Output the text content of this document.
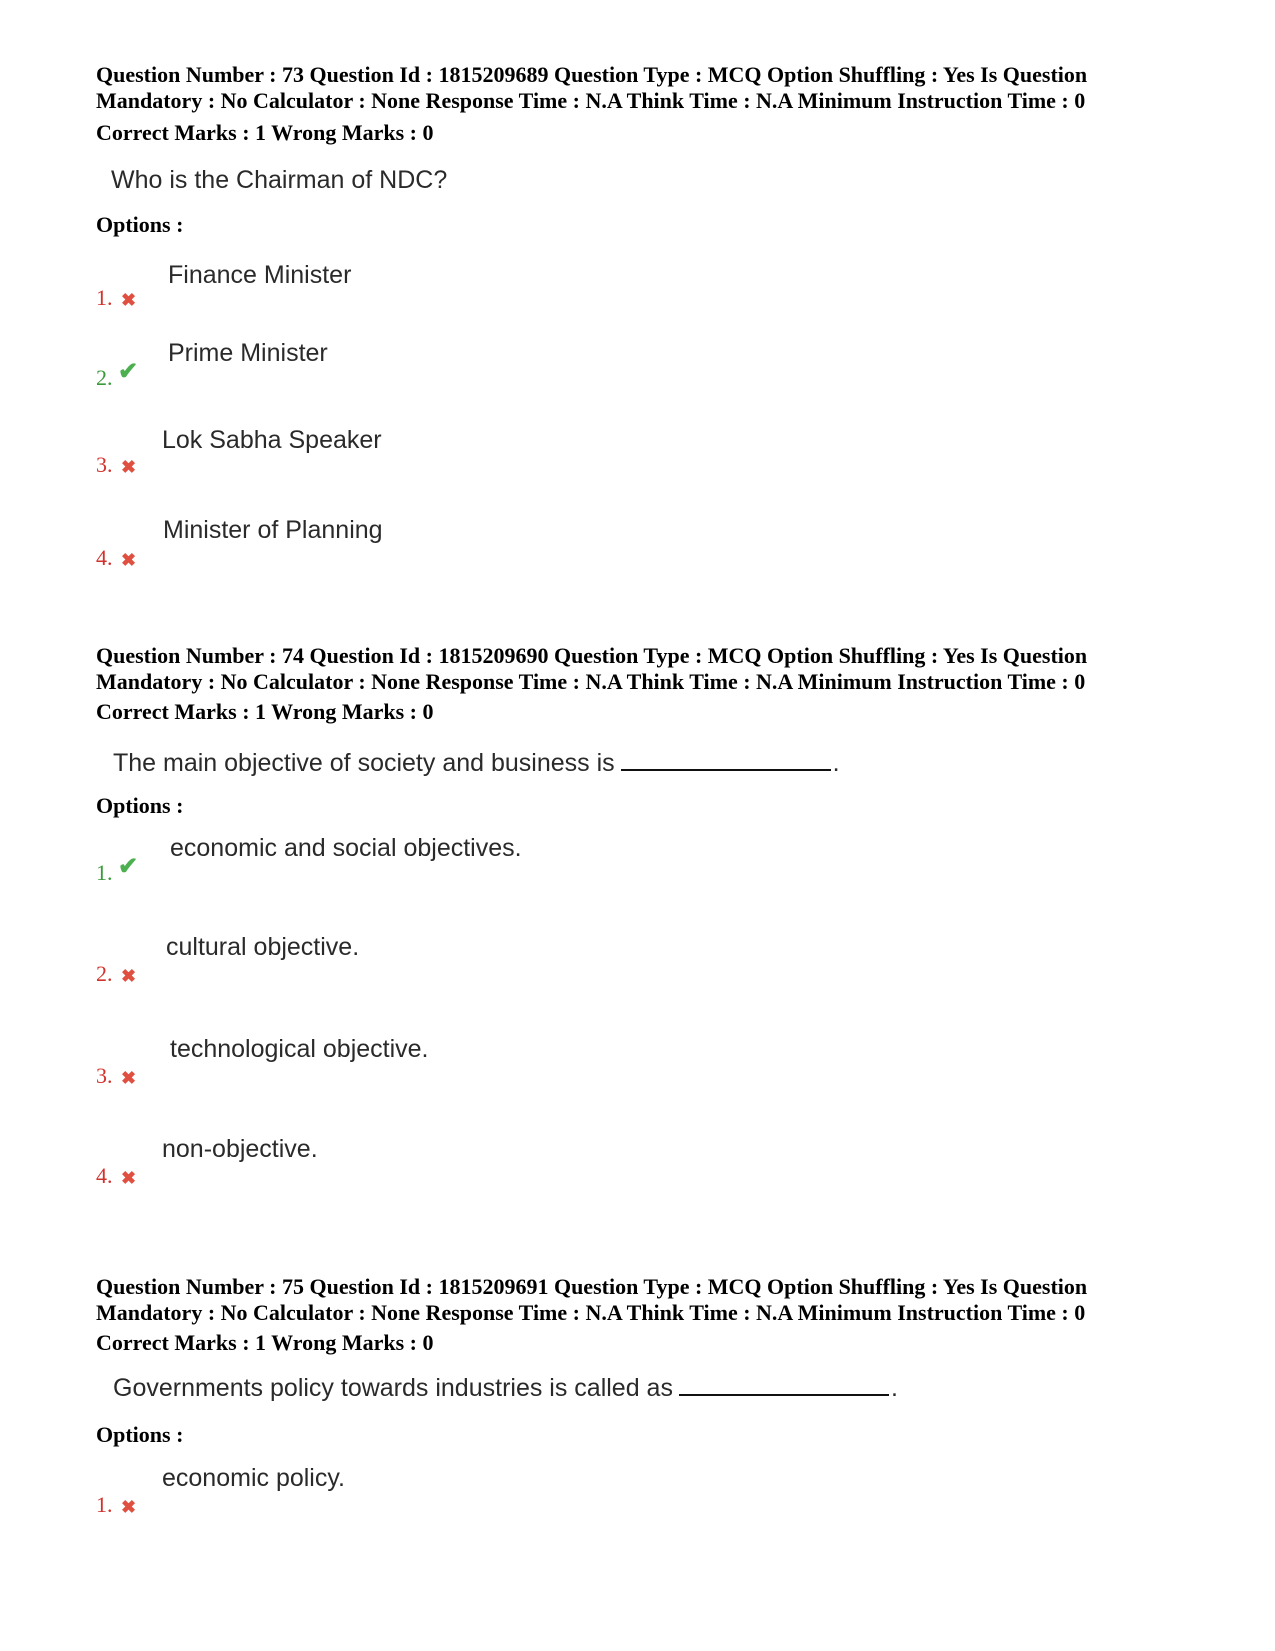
Question Number : 73 Question Id : 1815209689 Question Type : MCQ Option Shuffling : Yes Is Question

Mandatory : No Calculator : None Response Time : N.A Think Time : N.A Minimum Instruction Time : 0

Correct Marks : 1 Wrong Marks : 0
Who is the Chairman of NDC?
Options :
1. ✖
Finance Minister
2. ✔
Prime Minister
3. ✖
Lok Sabha Speaker
4. ✖
Minister of Planning

Question Number : 74 Question Id : 1815209690 Question Type : MCQ Option Shuffling : Yes Is Question

Mandatory : No Calculator : None Response Time : N.A Think Time : N.A Minimum Instruction Time : 0

Correct Marks : 1 Wrong Marks : 0
The main objective of society and business is	.
Options :
1. ✔
economic and social objectives.
2. ✖
cultural objective.
3. ✖
technological objective.
4. ✖
non-objective.

Question Number : 75 Question Id : 1815209691 Question Type : MCQ Option Shuffling : Yes Is Question

Mandatory : No Calculator : None Response Time : N.A Think Time : N.A Minimum Instruction Time : 0

Correct Marks : 1 Wrong Marks : 0
Governments policy towards industries is called as	.
Options :
1. ✖
economic policy.
